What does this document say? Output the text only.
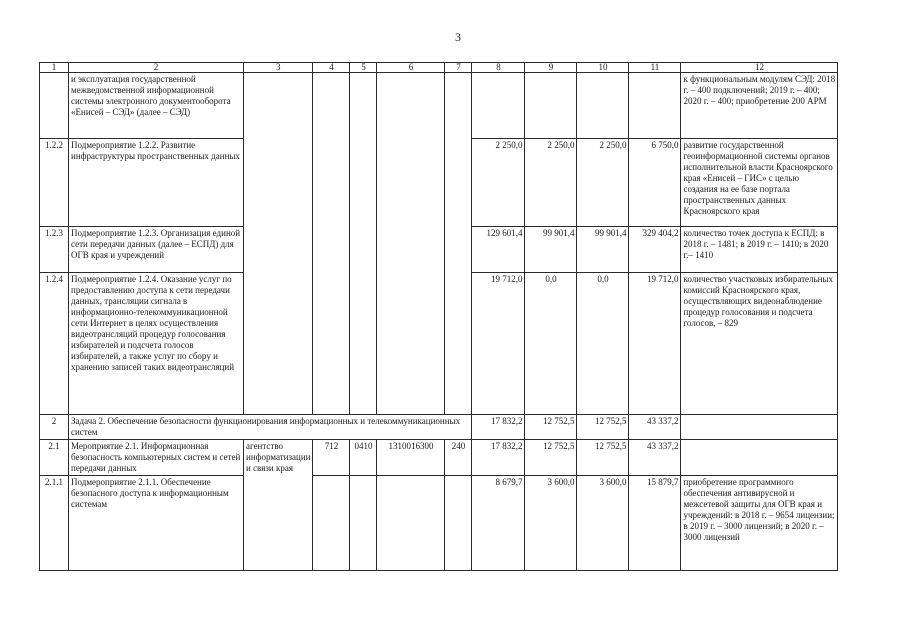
3
1	2	3	4	5	6	7	8	9	10	11	12
	и эксплуатация государственной межведомственной информационной системы электронного документооборота «Енисей – СЭД» (далее – СЭД)										к функциональным модулям СЭД: 2018 г. – 400 подключений; 2019 г. – 400; 2020 г. – 400; приобретение 200 АРМ
1.2.2	Подмероприятие 1.2.2. Развитие инфраструктуры пространственных данных						2 250,0	2 250,0	2 250,0	6 750,0	развитие государственной геоинформационной системы органов исполнительной власти Красноярского края «Енисей – ГИС» с целью создания на ее базе портала пространственных данных Красноярского края
1.2.3	Подмероприятие 1.2.3. Организация единой сети передачи данных (далее – ЕСПД) для ОГВ края и учреждений						129 601,4	99 901,4	99 901,4	329 404,2	количество точек доступа к ЕСПД: в 2018 г. – 1481; в 2019 г. – 1410; в 2020 г.– 1410
1.2.4	Подмероприятие 1.2.4. Оказание услуг по предоставлению доступа к сети передачи данных, трансляции сигнала в информационно-телекоммуникационной сети Интернет в целях осуществления видеотрансляций процедур голосования избирателей и подсчета голосов избирателей, а также услуг по сбору и хранению записей таких видеотрансляций						19 712,0	0,0	0,0	19 712,0	количество участковых избирательных комиссий Красноярского края, осуществляющих видеонаблюдение процедур голосования и подсчета голосов, – 829
2	Задача 2. Обеспечение безопасности функционирования информационных и телекоммуникационных систем						17 832,2	12 752,5	12 752,5	43 337,2	
2.1	Мероприятие 2.1. Информационная безопасность компьютерных систем и сетей передачи данных	агентство информатизации и связи края	712	0410	1310016300	240	17 832,2	12 752,5	12 752,5	43 337,2	
2.1.1	Подмероприятие 2.1.1. Обеспечение безопасного доступа к информационным системам						8 679,7	3 600,0	3 600,0	15 879,7	приобретение программного обеспечения антивирусной и межсетевой защиты для ОГВ края и учреждений: в 2018 г. – 9654 лицензии; в 2019 г. – 3000 лицензий; в 2020 г. – 3000 лицензий
